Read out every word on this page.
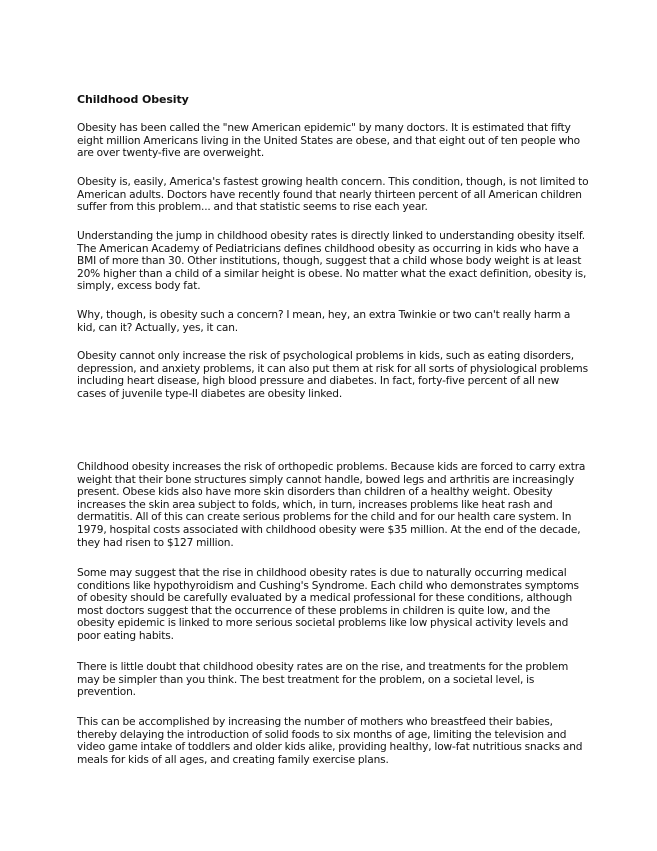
Childhood Obesity

Obesity has been called the "new American epidemic" by many doctors. It is estimated that fifty eight million Americans living in the United States are obese, and that eight out of ten people who are over twenty-five are overweight.

Obesity is, easily, America's fastest growing health concern. This condition, though, is not limited to American adults. Doctors have recently found that nearly thirteen percent of all American children suffer from this problem... and that statistic seems to rise each year.

Understanding the jump in childhood obesity rates is directly linked to understanding obesity itself. The American Academy of Pediatricians defines childhood obesity as occurring in kids who have a BMI of more than 30. Other institutions, though, suggest that a child whose body weight is at least 20% higher than a child of a similar height is obese. No matter what the exact definition, obesity is, simply, excess body fat.

Why, though, is obesity such a concern? I mean, hey, an extra Twinkie or two can't really harm a kid, can it? Actually, yes, it can.

Obesity cannot only increase the risk of psychological problems in kids, such as eating disorders, depression, and anxiety problems, it can also put them at risk for all sorts of physiological problems including heart disease, high blood pressure and diabetes. In fact, forty-five percent of all new cases of juvenile type-II diabetes are obesity linked.

Childhood obesity increases the risk of orthopedic problems. Because kids are forced to carry extra weight that their bone structures simply cannot handle, bowed legs and arthritis are increasingly present. Obese kids also have more skin disorders than children of a healthy weight. Obesity increases the skin area subject to folds, which, in turn, increases problems like heat rash and dermatitis. All of this can create serious problems for the child and for our health care system. In 1979, hospital costs associated with childhood obesity were $35 million. At the end of the decade, they had risen to $127 million.

Some may suggest that the rise in childhood obesity rates is due to naturally occurring medical conditions like hypothyroidism and Cushing's Syndrome. Each child who demonstrates symptoms of obesity should be carefully evaluated by a medical professional for these conditions, although most doctors suggest that the occurrence of these problems in children is quite low, and the obesity epidemic is linked to more serious societal problems like low physical activity levels and poor eating habits.

There is little doubt that childhood obesity rates are on the rise, and treatments for the problem may be simpler than you think. The best treatment for the problem, on a societal level, is prevention.

This can be accomplished by increasing the number of mothers who breastfeed their babies, thereby delaying the introduction of solid foods to six months of age, limiting the television and video game intake of toddlers and older kids alike, providing healthy, low-fat nutritious snacks and meals for kids of all ages, and creating family exercise plans.
